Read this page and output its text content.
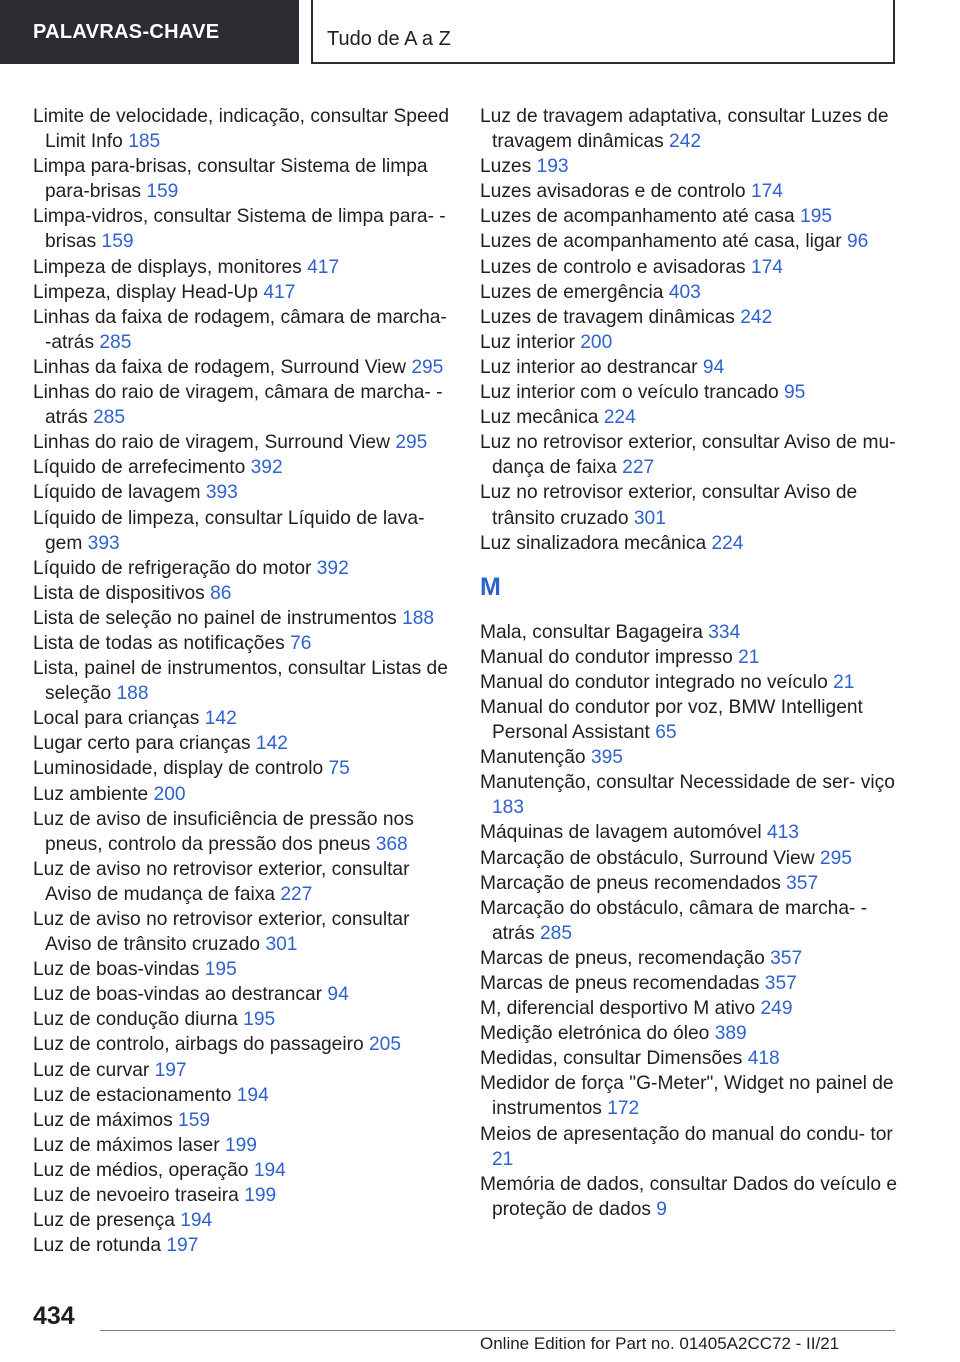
PALAVRAS-CHAVE	Tudo de A a Z
Limite de velocidade, indicação, consultar Speed Limit Info 185
Limpa para-brisas, consultar Sistema de limpa para-brisas 159
Limpa-vidros, consultar Sistema de limpa para- -brisas 159
Limpeza de displays, monitores 417
Limpeza, display Head-Up 417
Linhas da faixa de rodagem, câmara de marcha- -atrás 285
Linhas da faixa de rodagem, Surround View 295
Linhas do raio de viragem, câmara de marcha- -atrás 285
Linhas do raio de viragem, Surround View 295
Líquido de arrefecimento 392
Líquido de lavagem 393
Líquido de limpeza, consultar Líquido de lava- gem 393
Líquido de refrigeração do motor 392
Lista de dispositivos 86
Lista de seleção no painel de instrumentos 188
Lista de todas as notificações 76
Lista, painel de instrumentos, consultar Listas de seleção 188
Local para crianças 142
Lugar certo para crianças 142
Luminosidade, display de controlo 75
Luz ambiente 200
Luz de aviso de insuficiência de pressão nos pneus, controlo da pressão dos pneus 368
Luz de aviso no retrovisor exterior, consultar Aviso de mudança de faixa 227
Luz de aviso no retrovisor exterior, consultar Aviso de trânsito cruzado 301
Luz de boas-vindas 195
Luz de boas-vindas ao destrancar 94
Luz de condução diurna 195
Luz de controlo, airbags do passageiro 205
Luz de curvar 197
Luz de estacionamento 194
Luz de máximos 159
Luz de máximos laser 199
Luz de médios, operação 194
Luz de nevoeiro traseira 199
Luz de presença 194
Luz de rotunda 197
Luz de travagem adaptativa, consultar Luzes de travagem dinâmicas 242
Luzes 193
Luzes avisadoras e de controlo 174
Luzes de acompanhamento até casa 195
Luzes de acompanhamento até casa, ligar 96
Luzes de controlo e avisadoras 174
Luzes de emergência 403
Luzes de travagem dinâmicas 242
Luz interior 200
Luz interior ao destrancar 94
Luz interior com o veículo trancado 95
Luz mecânica 224
Luz no retrovisor exterior, consultar Aviso de mu- dança de faixa 227
Luz no retrovisor exterior, consultar Aviso de trânsito cruzado 301
Luz sinalizadora mecânica 224
M
Mala, consultar Bagageira 334
Manual do condutor impresso 21
Manual do condutor integrado no veículo 21
Manual do condutor por voz, BMW Intelligent Personal Assistant 65
Manutenção 395
Manutenção, consultar Necessidade de ser- viço 183
Máquinas de lavagem automóvel 413
Marcação de obstáculo, Surround View 295
Marcação de pneus recomendados 357
Marcação do obstáculo, câmara de marcha- -atrás 285
Marcas de pneus, recomendação 357
Marcas de pneus recomendadas 357
M, diferencial desportivo M ativo 249
Medição eletrónica do óleo 389
Medidas, consultar Dimensões 418
Medidor de força "G-Meter", Widget no painel de instrumentos 172
Meios de apresentação do manual do condu- tor 21
Memória de dados, consultar Dados do veículo e proteção de dados 9
434
Online Edition for Part no. 01405A2CC72 - II/21
